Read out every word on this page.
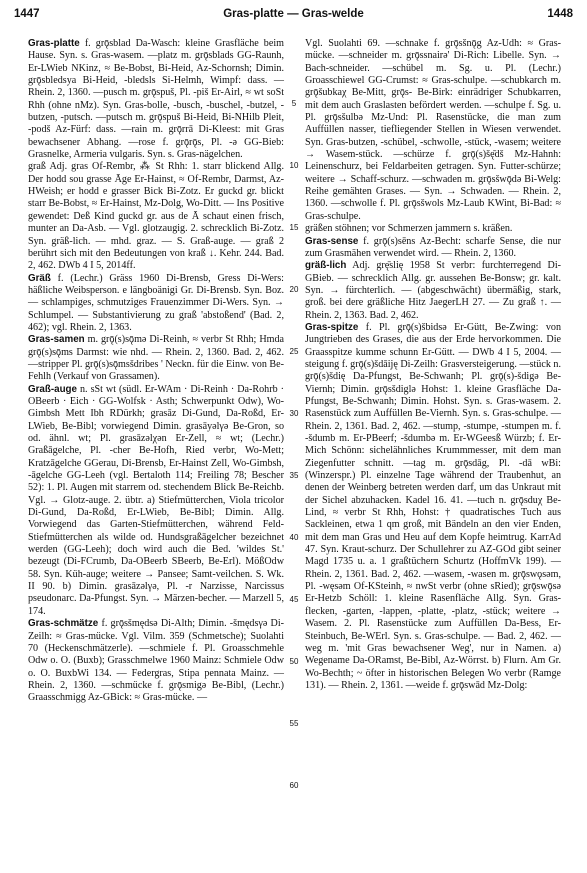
1447	Gras-platte — Gras-welde	1448

Gras-platte f. grǭsblad Da-Wasch: kleine Grasfläche beim Hause. Syn. s. Gras-wasem. —platz m. grǭsblads GG-Raunh, Er-LWieb NKinz, ≈ Be-Bobst, Bi-Heid, Az-Schornsh; Dimin. grǭsbledsya Bi-Heid, -bledsls Si-Helmh, Wimpf: dass. — Rhein. 2, 1360. —pusch m. grǭspuš, Pl. -piš Er-Airl, ≈ wt soSt Rhh (ohne nMz). Syn. Gras-bolle, -busch, -buschel, -butzel, -butzen, -putsch. —putsch m. grǭspuš Bi-Heid, Bi-NHilb Pleit, -podš Az-Fürf: dass. —rain m. grǭrrā Di-Kleest: mit Gras bewachsener Abhang. —rose f. grǭrǭs, Pl. -ǝ GG-Bieb: Grasnelke, Armeria vulgaris. Syn. s. Gras-nägelchen.

graß Adj. gras Of-Rembr, ⁂ St Rhh: 1. starr blickend Allg. Der hodd sou grasse Āge Er-Hainst, ≈ Of-Rembr, Darmst, Az-HWeish; er hodd e grasser Bick Bi-Zotz. Er guckd gr. blickt starr Be-Bobst, ≈ Er-Hainst, Mz-Dolg, Wo-Ditt. — Ins Positive gewendet: Deß Kind guckd gr. aus de Ā schaut einen frisch, munter an Da-Asb. — Vgl. glotzaugig. 2. schrecklich Bi-Zotz. Syn. gräß-lich. — mhd. graz. — S. Graß-auge. — graß 2 berührt sich mit den Bedeutungen von kraß ↓. Kehr. 244. Bad. 2, 462. DWb 4 I 5, 2014ff.

Gräß f. (Lechr.) Gräss 1960 Di-Brensb, Gress Di-Wers: häßliche Weibsperson. e längboänigi Gr. Di-Brensb. Syn. Boz. — schlampiges, schmutziges Frauenzimmer Di-Wers. Syn. → Schlumpel. — Substantivierung zu graß 'abstoßend' (Bad. 2, 462); vgl. Rhein. 2, 1363.

Gras-samen m. grǭ(s)sǭmǝ Di-Reinh, ≈ verbr St Rhh; Hmda grǭ(s)sǭms Darmst: wie nhd. — Rhein. 2, 1360. Bad. 2, 462. —stripper Pl. grǭ(s)sǭmsšdribes ' Neckn. für die Einw. von Be-Fehlh (Verkauf von Grassamen).

Graß-auge n. sSt wt (südl. Er-WAm · Di-Reinh · Da-Rohrb · OBeerb · Eich · GG-Wolfsk · Asth; Schwerpunkt Odw), Wo-Gimbsh Mett Ibh RDürkh; grasāz Di-Gund, Da-Roßd, Er-LWieb, Be-Bibl; vorwiegend Dimin. grasāyǝlγǝ Be-Gron, so od. ähnl. wt; Pl. grasāzǝlχǝn Er-Zell, ≈ wt; (Lechr.) Graßāgelche, Pl. -cher Be-Hofh, Ried verbr, Wo-Mett; Kratzāgelche GGerau, Di-Brensb, Er-Hainst Zell, Wo-Gimbsh, -āgelche GG-Leeh (vgl. Bertaloth 114; Freiling 78; Bescher 52): 1. Pl. Augen mit starrem od. stechendem Blick Be-Reichb. Vgl. → Glotz-auge. 2. übtr. a) Stiefmütterchen, Viola tricolor Di-Gund, Da-Roßd, Er-LWieb, Be-Bibl; Dimin. Allg. Vorwiegend das Garten-Stiefmütterchen, während Feld-Stiefmütterchen als wilde od. Hundsgraßāgelcher bezeichnet werden (GG-Leeh); doch wird auch die Bed. 'wildes St.' bezeugt (Di-FCrumb, Da-OBeerb SBeerb, Be-Erl). MößOdw 58. Syn. Küh-auge; weitere → Pansee; Samt-veilchen. S. Wk. II 90. b) Dimin. grasāzǝlγǝ, Pl. -r Narzisse, Narcissus pseudonarc. Da-Pfungst. Syn. → Märzen-becher. — Marzell 5, 174.

Gras-schmätze f. grǭsšmędsǝ Di-Alth; Dimin. -šmędsγǝ Di-Zeilh: ≈ Gras-mücke. Vgl. Vilm. 359 (Schmetsche); Suolahti 70 (Heckenschmätzerle). —schmiele f. Pl. Groasschmehle Odw o. O. (Buxb); Grasschmelwe 1960 Mainz: Schmiele Odw o. O. BuxbWi 134. — Federgras, Stipa pennata Mainz. — Rhein. 2, 1360. —schmücke f. grǭsmigǝ Be-Bibl, (Lechr.) Graasschmigg Az-GBick: ≈ Gras-mücke. —

5
10
15
20
25
30
35
40
45
50
55
60

Vgl. Suolahti 69. —schnake f. grǭsšnǭg Az-Udh: ≈ Gras-mücke. —schneider m. grǭssnairǝ' Di-Rich: Libelle. Syn. → Bach-schneider. —schübel m. Sg. u. Pl. (Lechr.) Groasschiewel GG-Crumst: ≈ Gras-schulpe. —schubkarch m. grǭšubkaχ Be-Mitt, grǭs- Be-Birk: einrädriger Schubkarren, mit dem auch Graslasten befördert werden. —schulpe f. Sg. u. Pl. grǭsšulbǝ Mz-Und: Pl. Rasenstücke, die man zum Auffüllen nasser, tiefliegender Stellen in Wiesen verwendet. Syn. Gras-butzen, -schübel, -schwolle, -stück, -wasem; weitere → Wasem-stück. —schürze f. grǭ(s)šę̄dš Mz-Hahnh: Leinenschurz, bei Feldarbeiten getragen. Syn. Futter-schürze; weitere → Schaff-schurz. —schwaden m. grǭsšwǭdǝ Bi-Welg: Reihe gemähten Grases. — Syn. → Schwaden. — Rhein. 2, 1360. —schwolle f. Pl. grǭsšwols Mz-Laub KWint, Bi-Bad: ≈ Gras-schulpe.

gräßen stöhnen; vor Schmerzen jammern s. kräßen.

Gras-sense f. grǭ(s)sēns Az-Becht: scharfe Sense, die nur zum Grasmähen verwendet wird. — Rhein. 2, 1360.

gräß-lich Adj. grę̄slię 1958 St verbr: furchterregend Di-GBieb. — schrecklich Allg. gr. aussehen Be-Bonsw; gr. kalt. Syn. → fürchterlich. — (abgeschwächt) übermäßig, stark, groß. bei dere gräßliche Hitz JaegerLH 27. — Zu graß ↑. — Rhein. 2, 1363. Bad. 2, 462.

Gras-spitze f. Pl. grǭ(s)šbidsǝ Er-Gütt, Be-Zwing: von Jungtrieben des Grases, die aus der Erde hervorkommen. Die Graasspitze kumme schunn Er-Gütt. — DWb 4 I 5, 2004. —steigung f. grǭ(s)šdāiję Di-Zeilh: Grasversteigerung. —stück n. grǭ(s)šdię Da-Pfungst, Be-Schwanh; Pl. grǭ(s)-šdigǝ Be-Viernh; Dimin. grǭsšdiglǝ Hohst: 1. kleine Grasfläche Da-Pfungst, Be-Schwanh; Dimin. Hohst. Syn. s. Gras-wasem. 2. Rasenstück zum Auffüllen Be-Viernh. Syn. s. Gras-schulpe. — Rhein. 2, 1361. Bad. 2, 462. —stump, -stumpe, -stumpen m. f. -šdumb m. Er-PBeerf; -šdumbǝ m. Er-WGeesß Würzb; f. Er-Mich Schönn: sichelähnliches Krummmesser, mit dem man Ziegenfutter schnitt. —tag m. grǭsdāg, Pl. -dā wBi: (Winzerspr.) Pl. einzelne Tage während der Traubenhut, an denen der Weinberg betreten werden darf, um das Unkraut mit der Sichel abzuhacken. Kadel 16. 41. —tuch n. grǭsduχ Be-Lind, ≈ verbr St Rhh, Hohst: † quadratisches Tuch aus Sackleinen, etwa 1 qm groß, mit Bändeln an den vier Enden, mit dem man Gras und Heu auf dem Kopfe heimtrug. KarrAd 47. Syn. Kraut-schurz. Der Schullehrer zu AZ-GOd gibt seiner Magd 1735 u. a. 1 graßtüchern Schurtz (HoffmVk 199). — Rhein. 2, 1361. Bad. 2, 462. —wasem, -wasen m. grǭswǫsǝm, Pl. -węsǝm Of-KSteinh, ≈ nwSt verbr (ohne sRied); grǭswǭsǝ Er-Hetzb Schöll: 1. kleine Rasenfläche Allg. Syn. Gras-flecken, -garten, -lappen, -platte, -platz, -stück; weitere → Wasem. 2. Pl. Rasenstücke zum Auffüllen Da-Bess, Er-Steinbuch, Be-WErl. Syn. s. Gras-schulpe. — Bad. 2, 462. —weg m. 'mit Gras bewachsener Weg', nur in Namen. a) Wegename Da-ORamst, Be-Bibl, Az-Wörrst. b) Flurn. Am Gr. Wo-Bechth; ~ öfter in historischen Belegen Wo verbr (Ramge 131). — Rhein. 2, 1361. —weide f. grǭswād Mz-Dolg:
